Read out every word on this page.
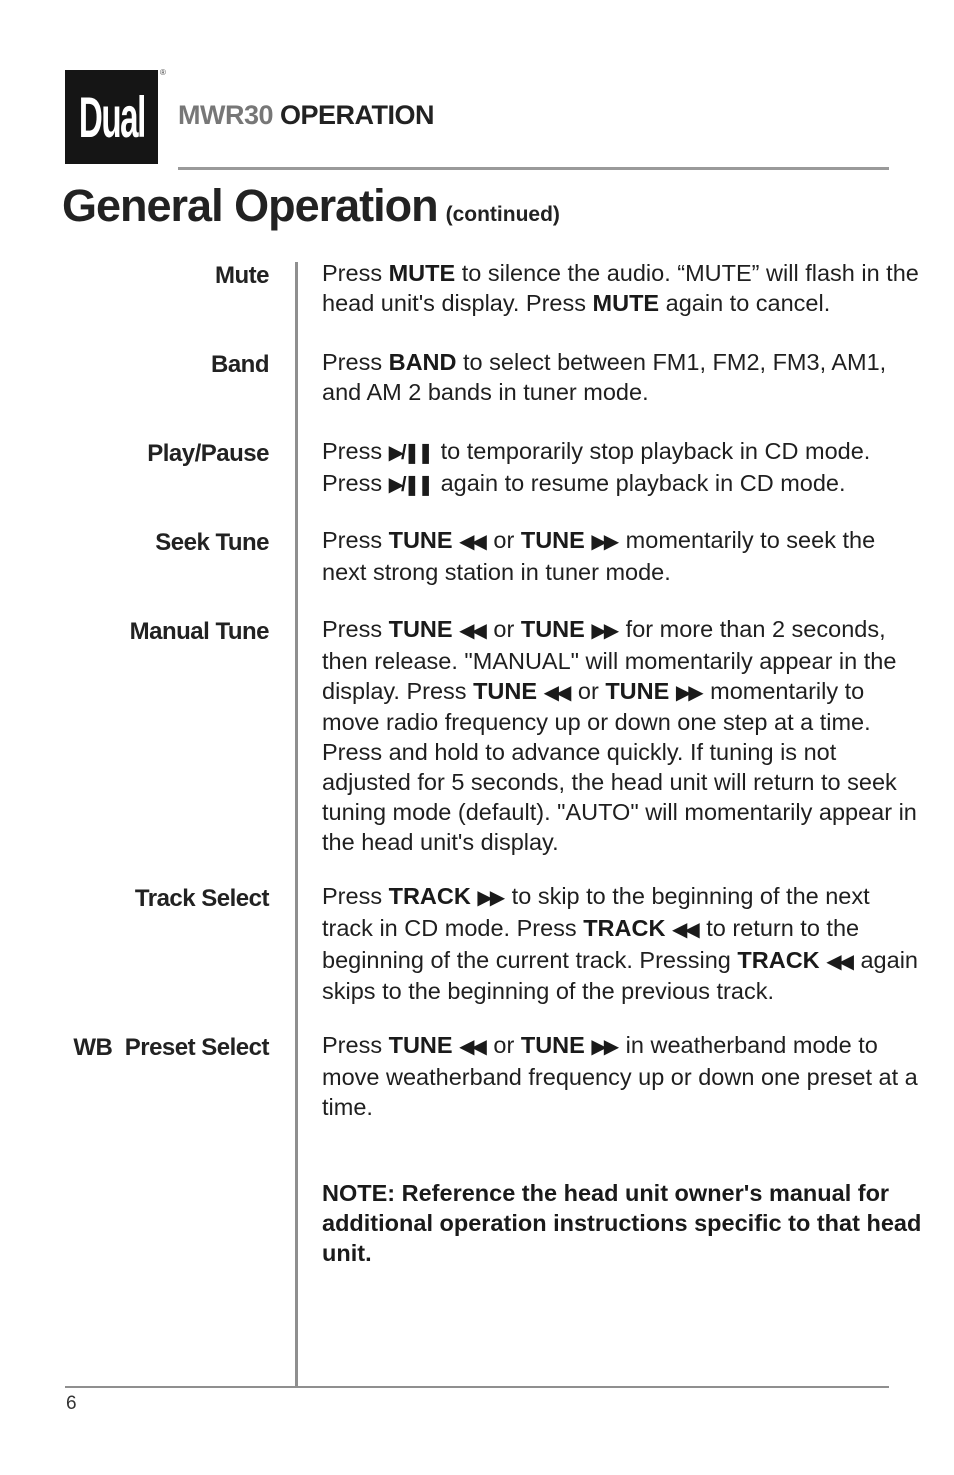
Dual
®
MWR30 OPERATION
General Operation (continued)
Mute Press MUTE to silence the audio. “MUTE” will flash in the head unit's display. Press MUTE again to cancel.
Band Press BAND to select between FM1, FM2, FM3, AM1, and AM 2 bands in tuner mode.
Play/Pause Press ▶/❚❚ to temporarily stop playback in CD mode.
Press ▶/❚❚ again to resume playback in CD mode.
Seek Tune Press TUNE ◀◀ or TUNE ▶▶ momentarily to seek the next strong station in tuner mode.
Manual Tune Press TUNE ◀◀ or TUNE ▶▶ for more than 2 seconds, then release. "MANUAL" will momentarily appear in the display. Press TUNE ◀◀ or TUNE ▶▶ momentarily to move radio frequency up or down one step at a time. Press and hold to advance quickly. If tuning is not adjusted for 5 seconds, the head unit will return to seek tuning mode (default). "AUTO" will momentarily appear in the head unit's display.
Track Select Press TRACK ▶▶ to skip to the beginning of the next track in CD mode. Press TRACK ◀◀ to return to the beginning of the current track. Pressing TRACK ◀◀ again skips to the beginning of the previous track.
WB  Preset Select Press TUNE ◀◀ or TUNE ▶▶ in weatherband mode to move weatherband frequency up or down one preset at a time.
NOTE: Reference the head unit owner's manual for additional operation instructions specific to that head unit.
6
